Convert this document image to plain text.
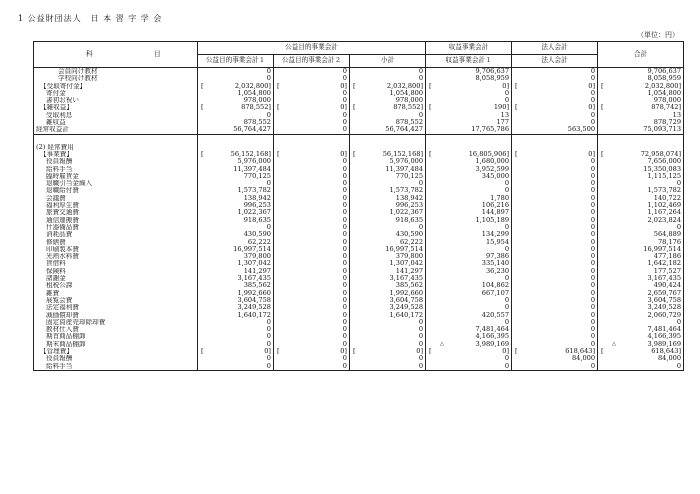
1 公益財団法人　日 本 習 字 学 会
（単位：円）
科 目	公益目的事業会計			収益事業会計	法人会計	合計
	公益目的事業会計１	公益目的事業会計２	小計	収益事業会計１	法人会計	
会員向け教材	0	0	0	9,706,637	0	9,706,637
学校向け教材	0	0	0	8,058,959	0	8,058,959
【受取寄付金】	[ 2,032,800]	[ 0]	[ 2,032,800]	[ 0]	[ 0]	[ 2,032,800]
寄付金	1,054,800	0	1,054,800	0	0	1,054,800
書初お祝い	978,000	0	978,000	0	0	978,000
【雑収益】	[ 878,552]	[ 0]	[ 878,552]	[ 190]	[ 0]	[ 878,742]
受取利息	0	0	0	13	0	13
雑収益	878,552	0	878,552	177	0	878,729
経常収益計	56,764,427	0	56,764,427	17,765,786	563,500	75,093,713

(2) 経常費用						
【事業費】	[ 56,152,168]	[ 0]	[ 56,152,168]	[ 16,805,906]	[ 0]	[ 72,958,074]
役員報酬	5,976,000	0	5,976,000	1,680,000	0	7,656,000
給料手当	11,397,484	0	11,397,484	3,952,599	0	15,350,083
臨時雇賃金	770,125	0	770,125	345,000	0	1,115,125
退職引当金繰入	0	0	0	0	0	0
退職給付費	1,573,782	0	1,573,782	0	0	1,573,782
会議費	138,942	0	138,942	1,780	0	140,722
福利厚生費	996,253	0	996,253	106,216	0	1,102,469
旅費交通費	1,022,367	0	1,022,367	144,897	0	1,167,264
通信運搬費	918,635	0	918,635	1,105,189	0	2,023,824
什器備品費	0	0	0	0	0	0
消耗品費	430,590	0	430,590	134,299	0	564,889
修繕費	62,222	0	62,222	15,954	0	78,176
印刷製本費	16,997,514	0	16,997,514	0	0	16,997,514
光熱水料費	379,800	0	379,800	97,386	0	477,186
賃借料	1,307,042	0	1,307,042	335,140	0	1,642,182
保険料	141,297	0	141,297	36,230	0	177,527
諸謝金	3,167,435	0	3,167,435	0	0	3,167,435
租税公課	385,562	0	385,562	104,862	0	490,424
雑費	1,992,660	0	1,992,660	667,107	0	2,659,767
展覧会費	3,604,758	0	3,604,758	0	0	3,604,758
法定福利費	3,249,528	0	3,249,528	0	0	3,249,528
減価償却費	1,640,172	0	1,640,172	420,557	0	2,060,729
固定資産売却除却費	0	0	0	0	0	0
教材仕入費	0	0	0	7,481,464	0	7,481,464
期首商品棚卸	0	0	0	4,166,395	0	4,166,395
期末商品棚卸	0	0	0	△ 3,989,169	0	△ 3,989,169
【管理費】	[ 0]	[ 0]	[ 0]	[ 0]	[ 618,643]	[ 618,643]
役員報酬	0	0	0	0	84,000	84,000
給料手当	0	0	0	0	0	0
